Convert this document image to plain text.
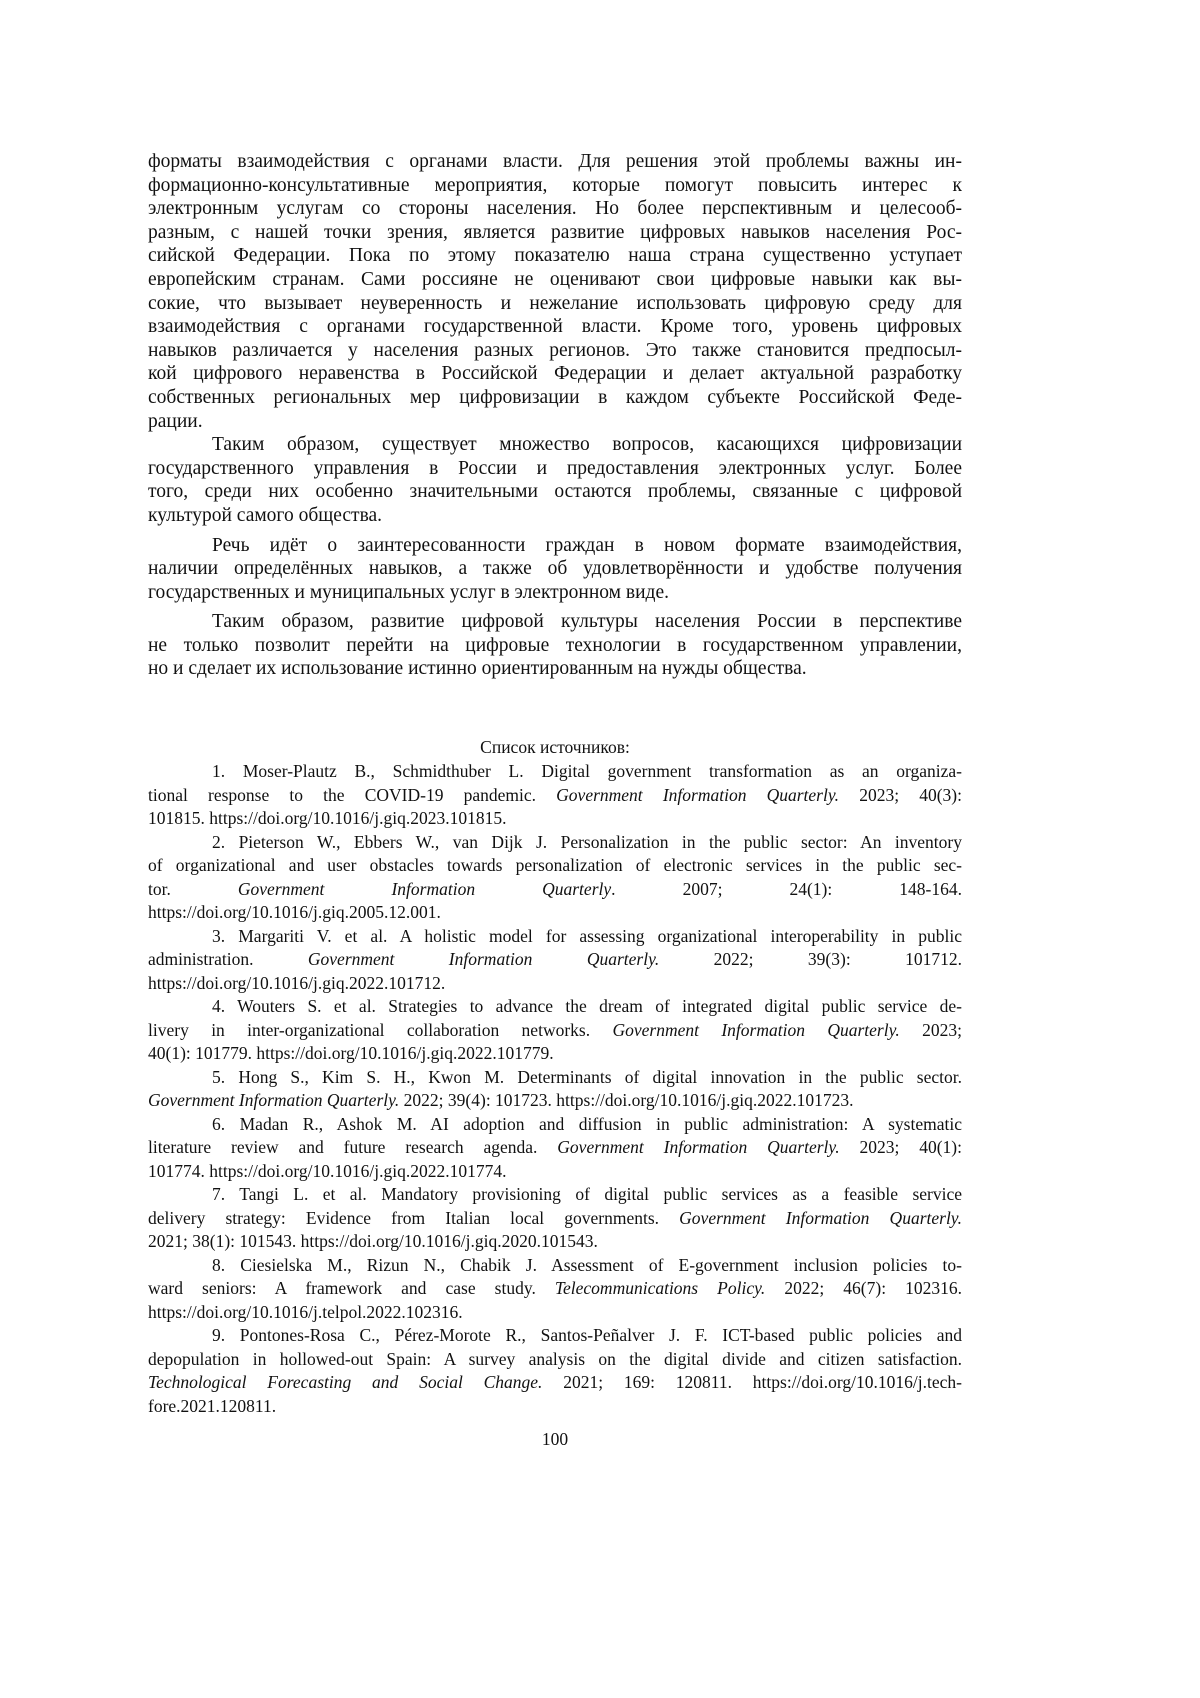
форматы взаимодействия с органами власти. Для решения этой проблемы важны ин-
формационно-консультативные мероприятия, которые помогут повысить интерес к
электронным услугам со стороны населения. Но более перспективным и целесооб-
разным, с нашей точки зрения, является развитие цифровых навыков населения Рос-
сийской Федерации. Пока по этому показателю наша страна существенно уступает
европейским странам. Сами россияне не оценивают свои цифровые навыки как вы-
сокие, что вызывает неуверенность и нежелание использовать цифровую среду для
взаимодействия с органами государственной власти. Кроме того, уровень цифровых
навыков различается у населения разных регионов. Это также становится предпосыл-
кой цифрового неравенства в Российской Федерации и делает актуальной разработку
собственных региональных мер цифровизации в каждом субъекте Российской Феде-
рации.
Таким образом, существует множество вопросов, касающихся цифровизации
государственного управления в России и предоставления электронных услуг. Более
того, среди них особенно значительными остаются проблемы, связанные с цифровой
культурой самого общества.
Речь идёт о заинтересованности граждан в новом формате взаимодействия,
наличии определённых навыков, а также об удовлетворённости и удобстве получения
государственных и муниципальных услуг в электронном виде.
Таким образом, развитие цифровой культуры населения России в перспективе
не только позволит перейти на цифровые технологии в государственном управлении,
но и сделает их использование истинно ориентированным на нужды общества.
Список источников:
1. Moser-Plautz B., Schmidthuber L. Digital government transformation as an organiza-
tional response to the COVID-19 pandemic. Government Information Quarterly. 2023; 40(3):
101815. https://doi.org/10.1016/j.giq.2023.101815.
2. Pieterson W., Ebbers W., van Dijk J. Personalization in the public sector: An inventory
of organizational and user obstacles towards personalization of electronic services in the public sec-
tor. Government Information Quarterly. 2007; 24(1): 148-164.
https://doi.org/10.1016/j.giq.2005.12.001.
3. Margariti V. et al. A holistic model for assessing organizational interoperability in public
administration. Government Information Quarterly. 2022; 39(3): 101712.
https://doi.org/10.1016/j.giq.2022.101712.
4. Wouters S. et al. Strategies to advance the dream of integrated digital public service de-
livery in inter-organizational collaboration networks. Government Information Quarterly. 2023;
40(1): 101779. https://doi.org/10.1016/j.giq.2022.101779.
5. Hong S., Kim S. H., Kwon M. Determinants of digital innovation in the public sector.
Government Information Quarterly. 2022; 39(4): 101723. https://doi.org/10.1016/j.giq.2022.101723.
6. Madan R., Ashok M. AI adoption and diffusion in public administration: A systematic
literature review and future research agenda. Government Information Quarterly. 2023; 40(1):
101774. https://doi.org/10.1016/j.giq.2022.101774.
7. Tangi L. et al. Mandatory provisioning of digital public services as a feasible service
delivery strategy: Evidence from Italian local governments. Government Information Quarterly.
2021; 38(1): 101543. https://doi.org/10.1016/j.giq.2020.101543.
8. Ciesielska M., Rizun N., Chabik J. Assessment of E-government inclusion policies to-
ward seniors: A framework and case study. Telecommunications Policy. 2022; 46(7): 102316.
https://doi.org/10.1016/j.telpol.2022.102316.
9. Pontones-Rosa C., Pérez-Morote R., Santos-Peñalver J. F. ICT-based public policies and
depopulation in hollowed-out Spain: A survey analysis on the digital divide and citizen satisfaction.
Technological Forecasting and Social Change. 2021; 169: 120811. https://doi.org/10.1016/j.tech-
fore.2021.120811.
100
